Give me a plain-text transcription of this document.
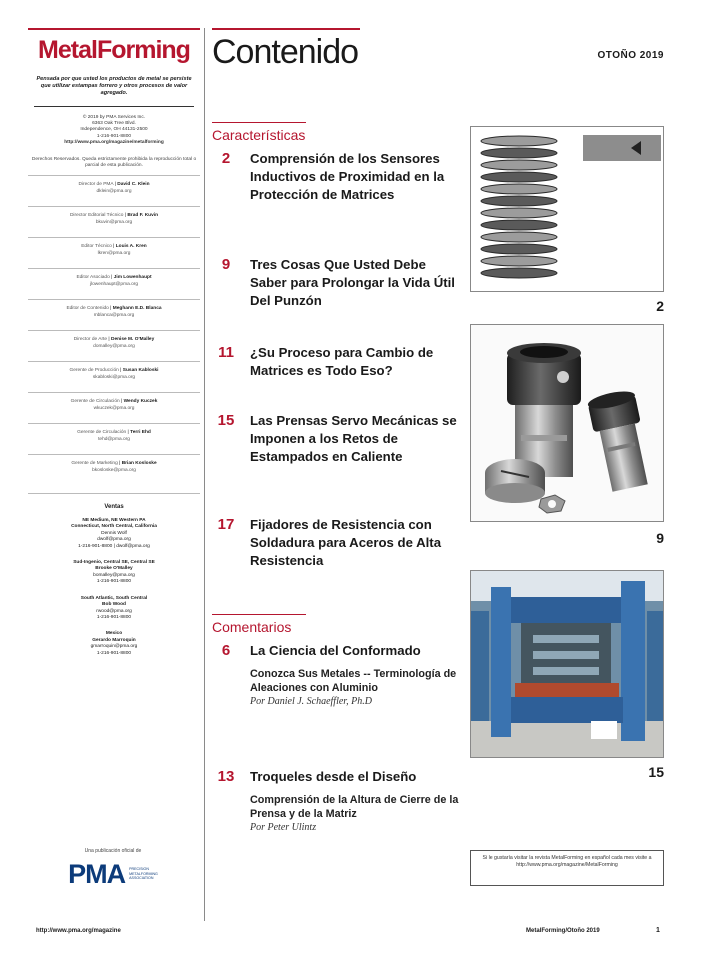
MetalForming
Pensada por que usted los productos de metal se persiste que utilizar estampas forrero y otros procesos de valor agregado.
© 2019 by PMA Services Inc.
6363 Oak Tree Blvd.
Independence, OH 44131-2500
1-216-901-8800
http://www.pma.org/magazine/metalforming
Derechos Reservados. Queda estrictamente prohibida la reproducción total o parcial de esta publicación.
Director de PMA | David C. Klein
dklein@pma.org
Director Editorial Técnico | Brad F. Kuvin
bkuvin@pma.org
Editor Técnico | Louis A. Kren
lkren@pma.org
Editor Asociado | Jim Lowenhaupt
jlowenhaupt@pma.org
Editor de Contenido | Meghann E.D. Blanca
mblanca@pma.org
Director de Arte | Denise M. O'Malley
domalley@pma.org
Gerente de Producción | Susan Kabloski
skabloski@pma.org
Gerente de Circulación | Wendy Kuczek
wkuczek@pma.org
Gerente de Circulación | Terri Ehd
tehd@pma.org
Gerente de Marketing | Brian Kosloske
bkosloske@pma.org
Ventas
NE Medium, NE Western PA
Connecticut, North Central, California
Dennis Wolf
dwolf@pma.org
1-216-901-8800 | dwolf@pma.org
Sud-Ingenio, Central SE, Central SE
Brooke O'Malley
bomalley@pma.org
1-216-901-8800
South Atlantic, South Central
Bob Wood
rwood@pma.org
1-216-901-8800
Mexico
Gerardo Marroquin
gmarroquin@pma.org
1-216-901-8800
Una publicación oficial de
PMA PRECISION
METALFORMING
ASSOCIATION
Contenido	OTOÑO 2019
Características
2	Comprensión de los Sensores Inductivos de Proximidad en la Protección de Matrices
9	Tres Cosas Que Usted Debe Saber para Prolongar la Vida Útil Del Punzón
11	¿Su Proceso para Cambio de Matrices es Todo Eso?
15	Las Prensas Servo Mecánicas se Imponen a los Retos de Estampados en Caliente
17	Fijadores de Resistencia con Soldadura para Aceros de Alta Resistencia
Comentarios
6	La Ciencia del Conformado
Conozca Sus Metales -- Terminología de Aleaciones con Aluminio
Por Daniel J. Schaeffler, Ph.D
13	Troqueles desde el Diseño
Comprensión de la Altura de Cierre de la Prensa y de la Matriz
Por Peter Ulintz
2
9
15
Si le gustaría visitar la revista MetalForming en español cada mes visite a http://www.pma.org/magazine/MetalForming
http://www.pma.org/magazine	MetalForming/Otoño 2019	1
